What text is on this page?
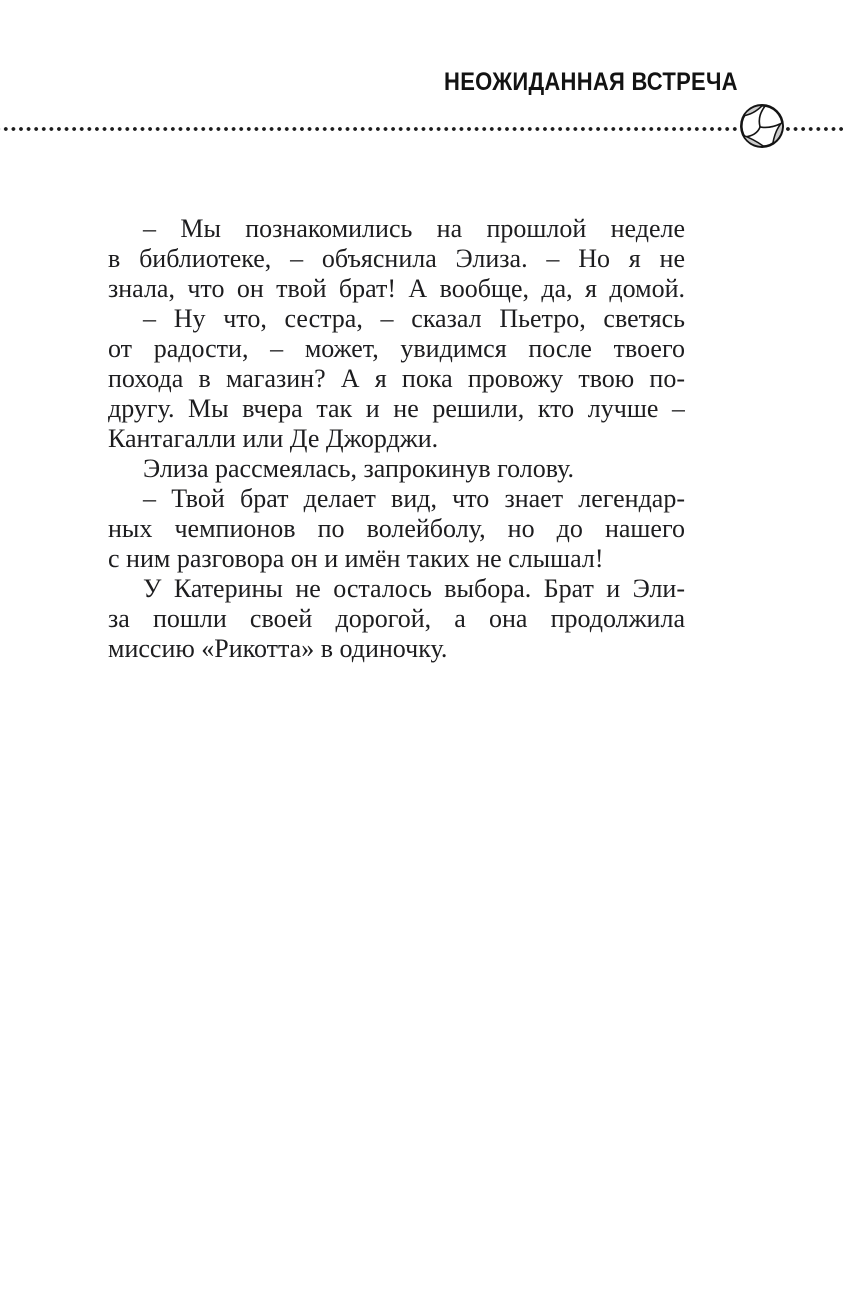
НЕОЖИДАННАЯ ВСТРЕЧА
– Мы познакомились на прошлой неделе
в библиотеке, – объяснила Элиза. – Но я не
знала, что он твой брат! А вообще, да, я домой.
– Ну что, сестра, – сказал Пьетро, светясь
от радости, – может, увидимся после твоего
похода в магазин? А я пока провожу твою по-
другу. Мы вчера так и не решили, кто лучше –
Кантагалли или Де Джорджи.
Элиза рассмеялась, запрокинув голову.
– Твой брат делает вид, что знает легендар-
ных чемпионов по волейболу, но до нашего
с ним разговора он и имён таких не слышал!
У Катерины не осталось выбора. Брат и Эли-
за пошли своей дорогой, а она продолжила
миссию «Рикотта» в одиночку.
